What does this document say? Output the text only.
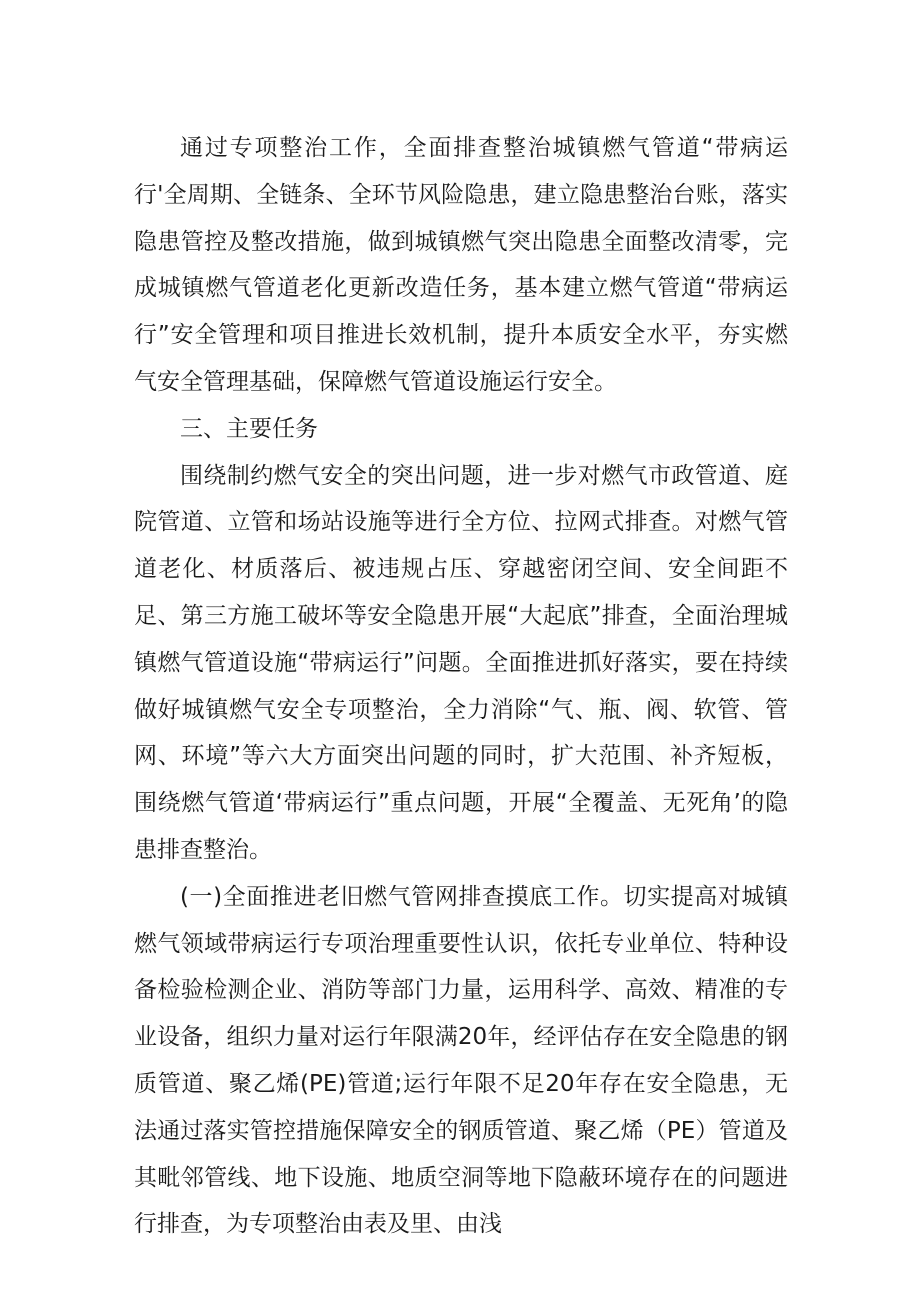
通过专项整治工作，全面排查整治城镇燃气管道“带病运行'全周期、全链条、全环节风险隐患，建立隐患整治台账，落实隐患管控及整改措施，做到城镇燃气突出隐患全面整改清零，完成城镇燃气管道老化更新改造任务，基本建立燃气管道“带病运行”安全管理和项目推进长效机制，提升本质安全水平，夯实燃气安全管理基础，保障燃气管道设施运行安全。

三、主要任务

围绕制约燃气安全的突出问题，进一步对燃气市政管道、庭院管道、立管和场站设施等进行全方位、拉网式排查。对燃气管道老化、材质落后、被违规占压、穿越密闭空间、安全间距不足、第三方施工破坏等安全隐患开展“大起底”排查，全面治理城镇燃气管道设施“带病运行”问题。全面推进抓好落实，要在持续做好城镇燃气安全专项整治，全力消除“气、瓶、阀、软管、管网、环境”等六大方面突出问题的同时，扩大范围、补齐短板，围绕燃气管道‘带病运行”重点问题，开展“全覆盖、无死角’的隐患排查整治。

(一)全面推进老旧燃气管网排查摸底工作。切实提高对城镇燃气领域带病运行专项治理重要性认识，依托专业单位、特种设备检验检测企业、消防等部门力量，运用科学、高效、精准的专业设备，组织力量对运行年限满20年，经评估存在安全隐患的钢质管道、聚乙烯(PE)管道;运行年限不足20年存在安全隐患，无法通过落实管控措施保障安全的钢质管道、聚乙烯（PE）管道及其毗邻管线、地下设施、地质空洞等地下隐蔽环境存在的问题进行排查，为专项整治由表及里、由浅
